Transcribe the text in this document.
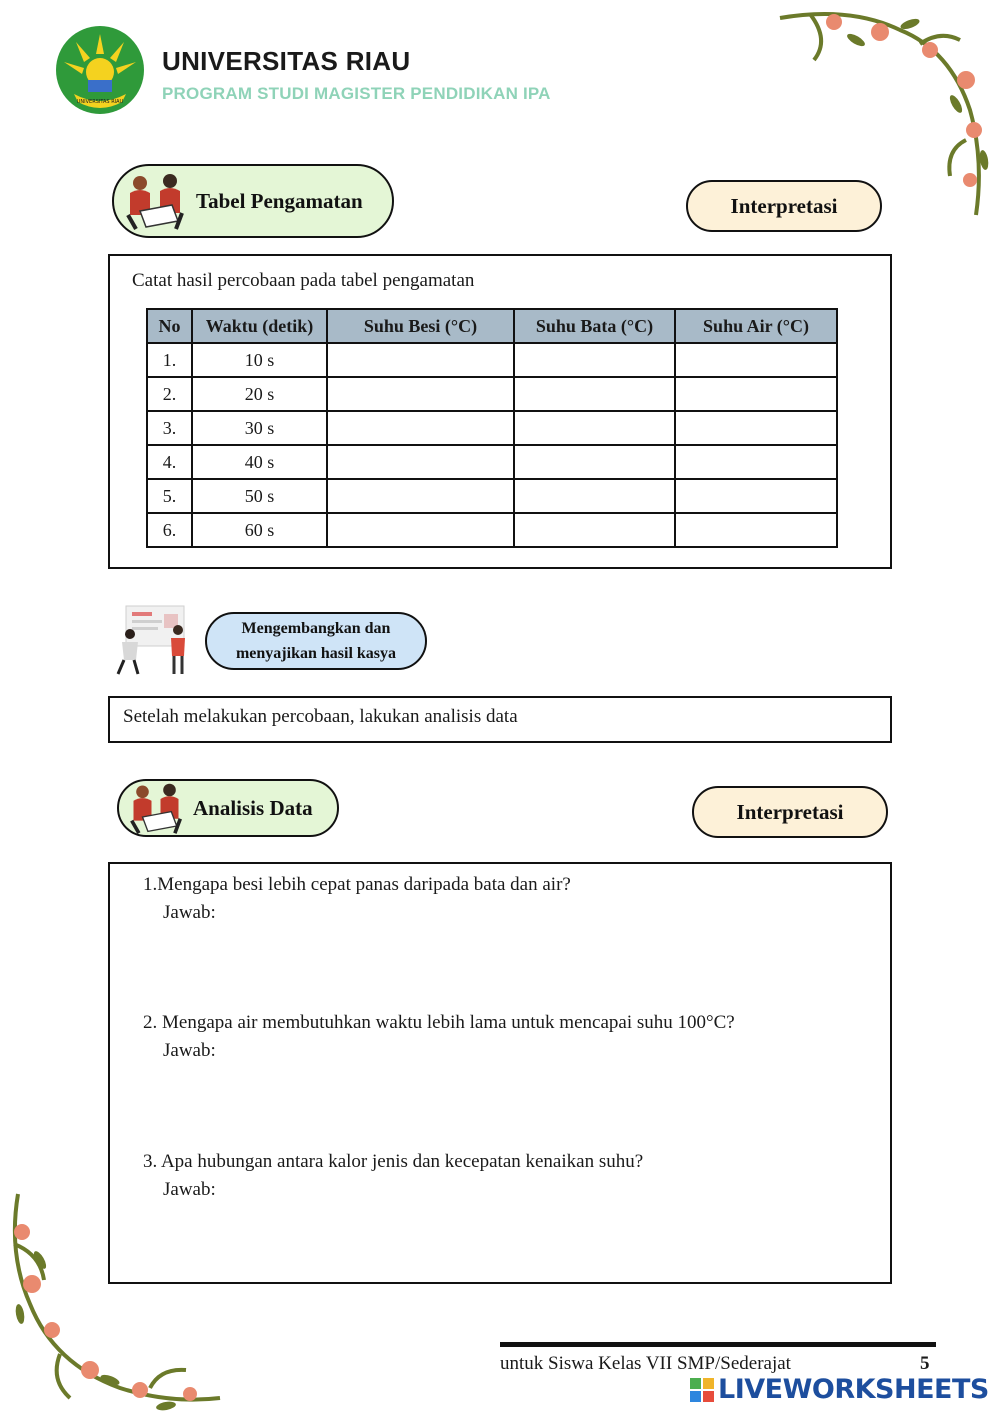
UNIVERSITAS RIAU
UNIVERSITAS RIAU
PROGRAM STUDI MAGISTER PENDIDIKAN IPA
Tabel Pengamatan	Interpretasi
Catat hasil percobaan pada tabel pengamatan
No	Waktu (detik)	Suhu Besi (°C)	Suhu Bata (°C)	Suhu Air (°C)
1.	10 s			
2.	20 s			
3.	30 s			
4.	40 s			
5.	50 s			
6.	60 s			
Mengembangkan dan
menyajikan hasil kasya
Setelah melakukan percobaan, lakukan analisis data
Analisis Data	Interpretasi
1.Mengapa besi lebih cepat panas daripada bata dan air?
Jawab:
2. Mengapa air membutuhkan waktu lebih lama untuk mencapai suhu 100°C?
Jawab:
3. Apa hubungan antara kalor jenis dan kecepatan kenaikan suhu?
Jawab:
untuk Siswa Kelas VII SMP/Sederajat	5
LIVEWORKSHEETS
